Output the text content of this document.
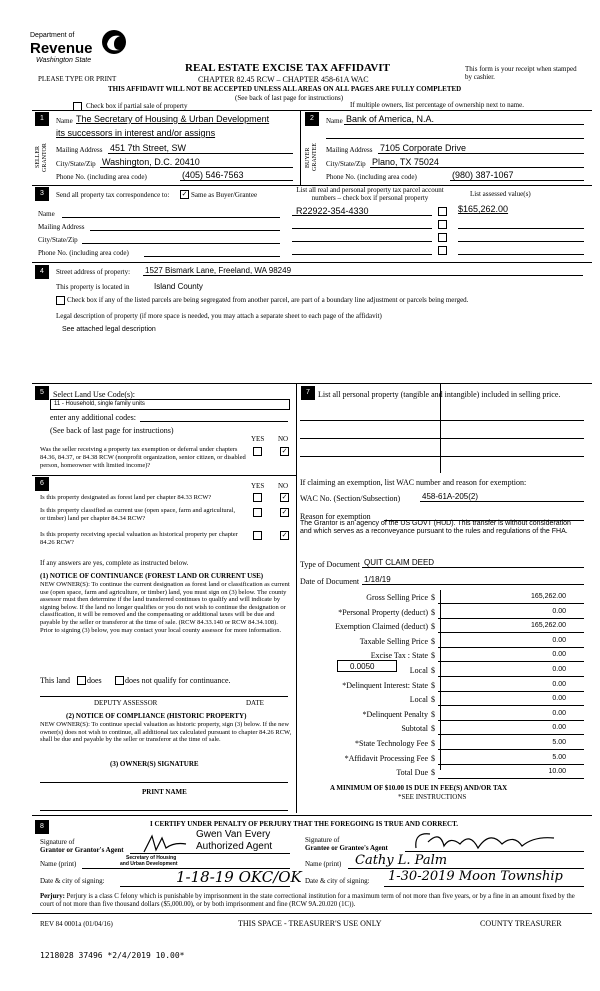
Department of
Revenue
Washington State
PLEASE TYPE OR PRINT
REAL ESTATE EXCISE TAX AFFIDAVIT
CHAPTER 82.45 RCW – CHAPTER 458-61A WAC
THIS AFFIDAVIT WILL NOT BE ACCEPTED UNLESS ALL AREAS ON ALL PAGES ARE FULLY COMPLETED
(See back of last page for instructions)
This form is your receipt when stamped by cashier.
Check box if partial sale of property	If multiple owners, list percentage of ownership next to name.
1
SELLER GRANTOR
Name The Secretary of Housing & Urban Development
its successors in interest and/or assigns
Mailing Address 451 7th Street, SW
City/State/Zip Washington, D.C. 20410
Phone No. (including area code)	(405) 546-7563
2
BUYER GRANTEE
Name Bank of America, N.A.
Mailing Address 7105 Corporate Drive
City/State/Zip Plano, TX 75024
Phone No. (including area code)	(980) 387-1067
3	Send all property tax correspondence to: ✓ Same as Buyer/Grantee
Name
Mailing Address
City/State/Zip
Phone No. (including area code)
List all real and personal property tax parcel account numbers – check box if personal property	List assessed value(s)
R22922-354-4330	$165,262.00
4	Street address of property: 1527 Bismark Lane, Freeland, WA 98249
This property is located in	Island County
Check box if any of the listed parcels are being segregated from another parcel, are part of a boundary line adjustment or parcels being merged.
Legal description of property (if more space is needed, you may attach a separate sheet to each page of the affidavit)
See attached legal description
5	Select Land Use Code(s):
11 - Household, single family units
enter any additional codes:
(See back of last page for instructions)
YES NO
Was the seller receiving a property tax exemption or deferral under chapters 84.36, 84.37, or 84.38 RCW (nonprofit organization, senior citizen, or disabled person, homeowner with limited income)?
✓
6	YES NO
Is this property designated as forest land per chapter 84.33 RCW?	✓
Is this property classified as current use (open space, farm and agricultural, or timber) land per chapter 84.34 RCW?
✓
Is this property receiving special valuation as historical property per chapter 84.26 RCW?
✓
If any answers are yes, complete as instructed below.
(1) NOTICE OF CONTINUANCE (FOREST LAND OR CURRENT USE)
NEW OWNER(S): To continue the current designation as forest land or classification as current use (open space, farm and agriculture, or timber) land, you must sign on (3) below. The county assessor must then determine if the land transferred continues to qualify and will indicate by signing below. If the land no longer qualifies or you do not wish to continue the designation or classification, it will be removed and the compensating or additional taxes will be due and payable by the seller or transferor at the time of sale. (RCW 84.33.140 or RCW 84.34.108). Prior to signing (3) below, you may contact your local county assessor for more information.
This land does	does not qualify for continuance.
DEPUTY ASSESSOR	DATE
(2) NOTICE OF COMPLIANCE (HISTORIC PROPERTY)
NEW OWNER(S): To continue special valuation as historic property, sign (3) below. If the new owner(s) does not wish to continue, all additional tax calculated pursuant to chapter 84.26 RCW, shall be due and payable by the seller or transferor at the time of sale.
(3) OWNER(S) SIGNATURE
PRINT NAME
7	List all personal property (tangible and intangible) included in selling price.
If claiming an exemption, list WAC number and reason for exemption:
WAC No. (Section/Subsection)	458-61A-205(2)
Reason for exemption
The Grantor is an agency of the US GOVT (HUD). This transfer is without consideration and which serves as a reconveyance pursuant to the rules and regulations of the FHA.
Type of Document QUIT CLAIM DEED
Date of Document 1/18/19
Gross Selling Price $	165,262.00
*Personal Property (deduct) $	0.00
Exemption Claimed (deduct) $	165,262.00
Taxable Selling Price $	0.00
Excise Tax : State $	0.00
Local $	0.00
*Delinquent Interest: State $	0.00
Local $	0.00
*Delinquent Penalty $	0.00
Subtotal $	0.00
*State Technology Fee $	5.00
*Affidavit Processing Fee $	5.00
Total Due $	10.00
0.0050
A MINIMUM OF $10.00 IS DUE IN FEE(S) AND/OR TAX
*SEE INSTRUCTIONS
8	I CERTIFY UNDER PENALTY OF PERJURY THAT THE FOREGOING IS TRUE AND CORRECT.
Signature of
Grantor or Grantor's Agent
Gwen Van Every
Authorized Agent
Name (print)
Secretary of Housing
and Urban Development
Date & city of signing:	1-18-19 OKC/OK
Signature of
Grantee or Grantee's Agent
Name (print) Cathy L. Palm
Date & city of signing: 1-30-2019 Moon Township
Perjury: Perjury is a class C felony which is punishable by imprisonment in the state correctional institution for a maximum term of not more than five years, or by a fine in an amount fixed by the court of not more than five thousand dollars ($5,000.00), or by both imprisonment and fine (RCW 9A.20.020 (1C)).
REV 84 0001a (01/04/16)	THIS SPACE - TREASURER'S USE ONLY	COUNTY TREASURER
1218028 37496 *2/4/2019 10.00*
